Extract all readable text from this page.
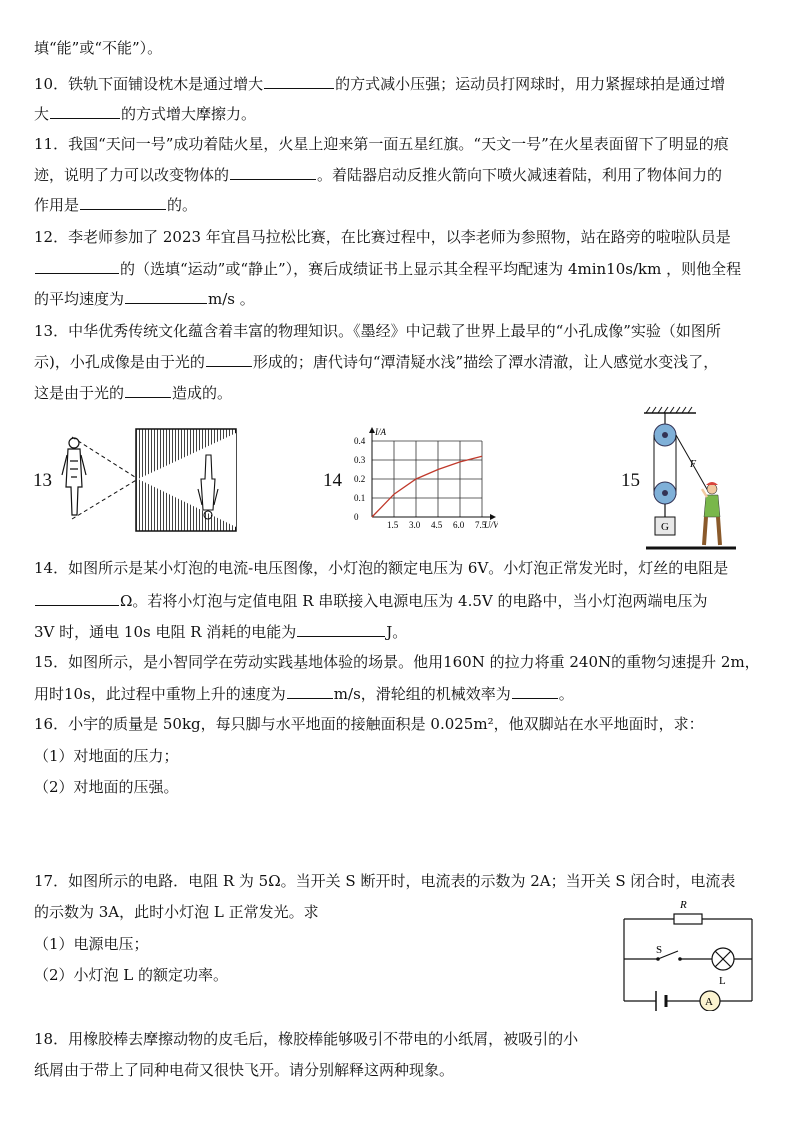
填“能”或“不能”）。
10．铁轨下面铺设枕木是通过增大	的方式减小压强；运动员打网球时，用力紧握球拍是通过增
大	的方式增大摩擦力。
11．我国“天问一号”成功着陆火星，火星上迎来第一面五星红旗。“天文一号”在火星表面留下了明显的痕
迹，说明了力可以改变物体的	。着陆器启动反推火箭向下喷火减速着陆，利用了物体间力的
作用是	的。
12．李老师参加了 2023 年宜昌马拉松比赛，在比赛过程中，以李老师为参照物，站在路旁的啦啦队员是
的（选填“运动”或“静止”），赛后成绩证书上显示其全程平均配速为 4min10s/km ，则他全程
的平均速度为	m/s 。
13．中华优秀传统文化蕴含着丰富的物理知识。《墨经》中记载了世界上最早的“小孔成像”实验（如图所
示)，小孔成像是由于光的	形成的；唐代诗句“潭清疑水浅”描绘了潭水清澈，让人感觉水变浅了，
这是由于光的	造成的。
13	14	15
1.5 3.0 4.5 6.0 7.5
0.4
0.3
0.2
0.1
0
I/A
U/V	G
F
14．如图所示是某小灯泡的电流-电压图像，小灯泡的额定电压为 6V。小灯泡正常发光时，灯丝的电阻是
Ω。若将小灯泡与定值电阻 R 串联接入电源电压为 4.5V 的电路中，当小灯泡两端电压为
3V 时，通电 10s 电阻 R 消耗的电能为	J。
15．如图所示，是小智同学在劳动实践基地体验的场景。他用160N 的拉力将重 240N的重物匀速提升 2m，
用时10s，此过程中重物上升的速度为	m/s，滑轮组的机械效率为	。
16．小宇的质量是 50kg，每只脚与水平地面的接触面积是 0.025m²，他双脚站在水平地面时，求：
（1）对地面的压力；
（2）对地面的压强。
17．如图所示的电路．电阻 R 为 5Ω。当开关 S 断开时，电流表的示数为 2A；当开关 S 闭合时，电流表
的示数为 3A，此时小灯泡 L 正常发光。求
（1）电源电压；
（2）小灯泡 L 的额定功率。
R
S
L
A
18．用橡胶棒去摩擦动物的皮毛后，橡胶棒能够吸引不带电的小纸屑，被吸引的小
纸屑由于带上了同种电荷又很快飞开。请分别解释这两种现象。
